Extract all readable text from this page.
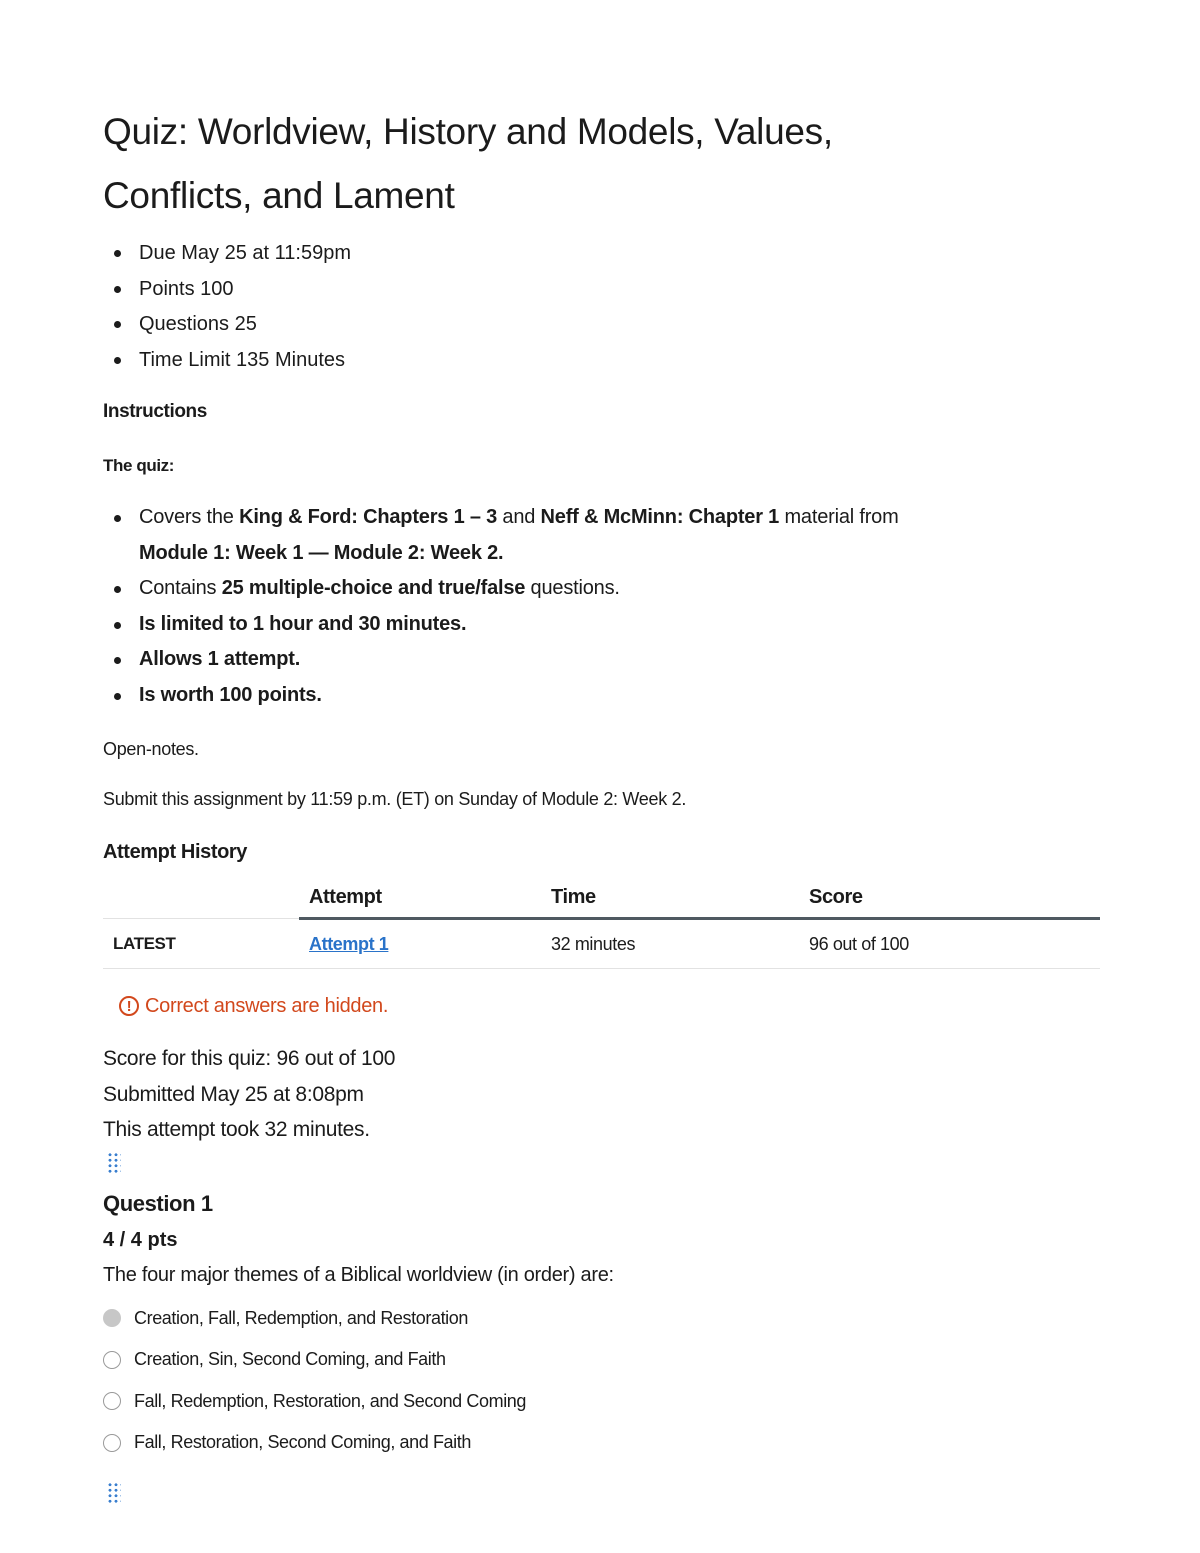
Quiz: Worldview, History and Models, Values,
Conflicts, and Lament
Due May 25 at 11:59pm
Points 100
Questions 25
Time Limit 135 Minutes
Instructions
The quiz:
Covers the King & Ford: Chapters 1 – 3 and Neff & McMinn: Chapter 1 material from
Module 1: Week 1 — Module 2: Week 2.
Contains 25 multiple-choice and true/false questions.
Is limited to 1 hour and 30 minutes.
Allows 1 attempt.
Is worth 100 points.
Open-notes.
Submit this assignment by 11:59 p.m. (ET) on Sunday of Module 2: Week 2.
Attempt History
	Attempt	Time	Score
LATEST	Attempt 1	32 minutes	96 out of 100
! Correct answers are hidden.
Score for this quiz: 96 out of 100
Submitted May 25 at 8:08pm
This attempt took 32 minutes.
Question 1
4 / 4 pts
The four major themes of a Biblical worldview (in order) are:
Creation, Fall, Redemption, and Restoration
Creation, Sin, Second Coming, and Faith
Fall, Redemption, Restoration, and Second Coming
Fall, Restoration, Second Coming, and Faith
